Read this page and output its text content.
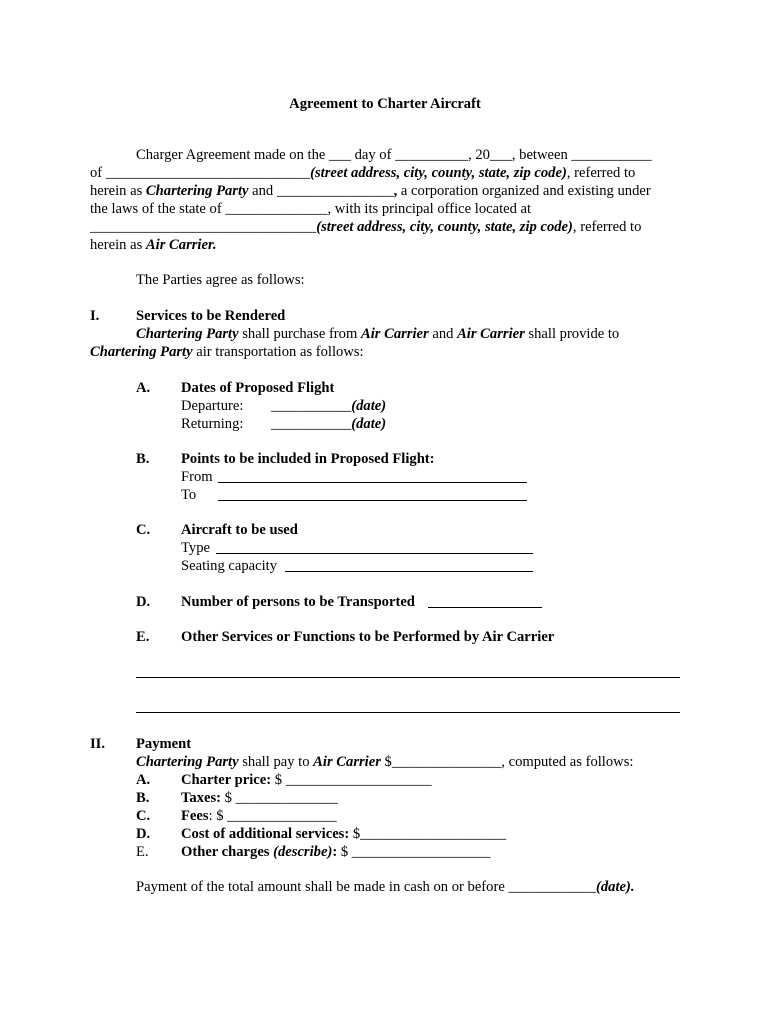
Agreement to Charter Aircraft
Charger Agreement made on the ___ day of __________, 20___, between ___________
of ____________________________(street address, city, county, state, zip code), referred to
herein as Chartering Party and ________________, a corporation organized and existing under
the laws of the state of ______________, with its principal office located at
_______________________________(street address, city, county, state, zip code), referred to
herein as Air Carrier.
The Parties agree as follows:
I.	Services to be Rendered
Chartering Party shall purchase from Air Carrier and Air Carrier shall provide to
Chartering Party air transportation as follows:
A. Dates of Proposed Flight
Departure: ___________(date)
Returning: ___________(date)
B. Points to be included in Proposed Flight:
From
To
C. Aircraft to be used
Type
Seating capacity
D. Number of persons to be Transported
E. Other Services or Functions to be Performed by Air Carrier
II. Payment
Chartering Party shall pay to Air Carrier $_______________, computed as follows:
A. Charter price: $ ____________________
B. Taxes: $ ______________
C. Fees: $ _______________
D. Cost of additional services: $____________________
E. Other charges (describe): $ ___________________
Payment of the total amount shall be made in cash on or before ____________(date).
